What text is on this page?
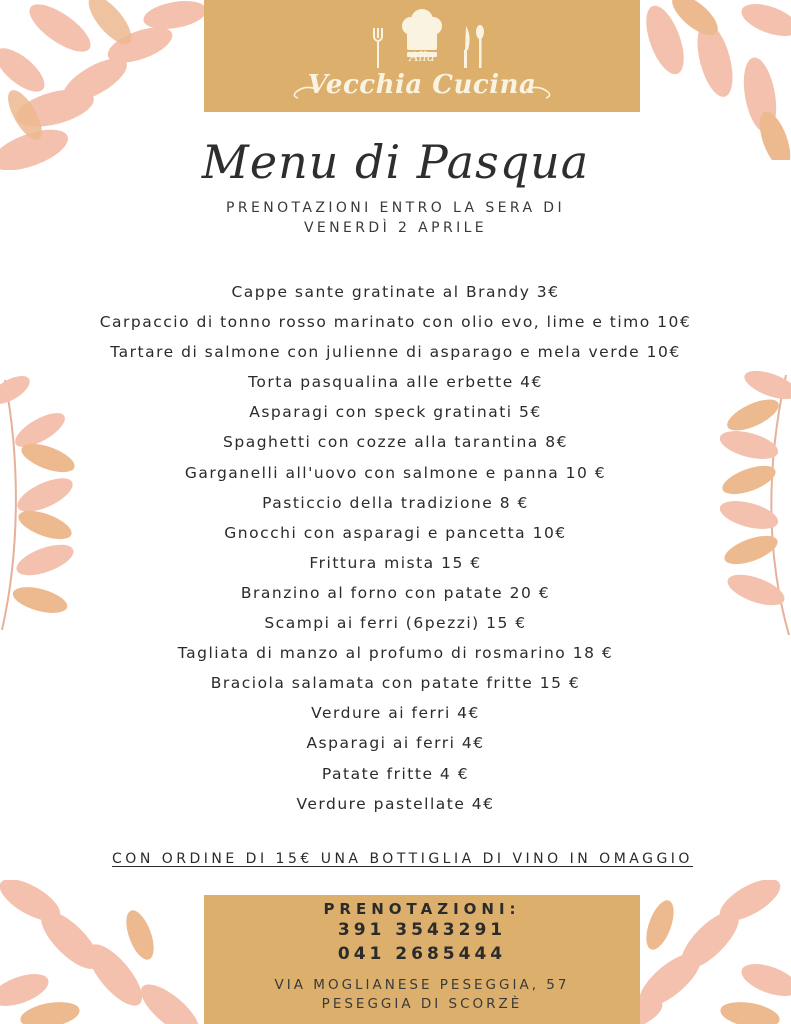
Alla
Vecchia Cucina
Menu di Pasqua
PRENOTAZIONI ENTRO LA SERA DI
VENERDÌ 2 APRILE
Cappe sante gratinate al Brandy 3€
Carpaccio di tonno rosso marinato con olio evo, lime e timo 10€
Tartare di salmone con julienne di asparago e mela verde 10€
Torta pasqualina alle erbette 4€
Asparagi con speck gratinati 5€
Spaghetti con cozze alla tarantina 8€
Garganelli all'uovo con salmone e panna 10 €
Pasticcio della tradizione 8 €
Gnocchi con asparagi e pancetta 10€
Frittura mista 15 €
Branzino al forno con patate 20 €
Scampi ai ferri (6pezzi) 15 €
Tagliata di manzo al profumo di rosmarino 18 €
Braciola salamata con patate fritte 15 €
Verdure ai ferri 4€
Asparagi ai ferri 4€
Patate fritte 4 €
Verdure pastellate 4€
CON ORDINE DI 15€ UNA BOTTIGLIA DI VINO IN OMAGGIO
PRENOTAZIONI:
391 3543291
041 2685444
VIA MOGLIANESE PESEGGIA, 57
PESEGGIA DI SCORZÈ
